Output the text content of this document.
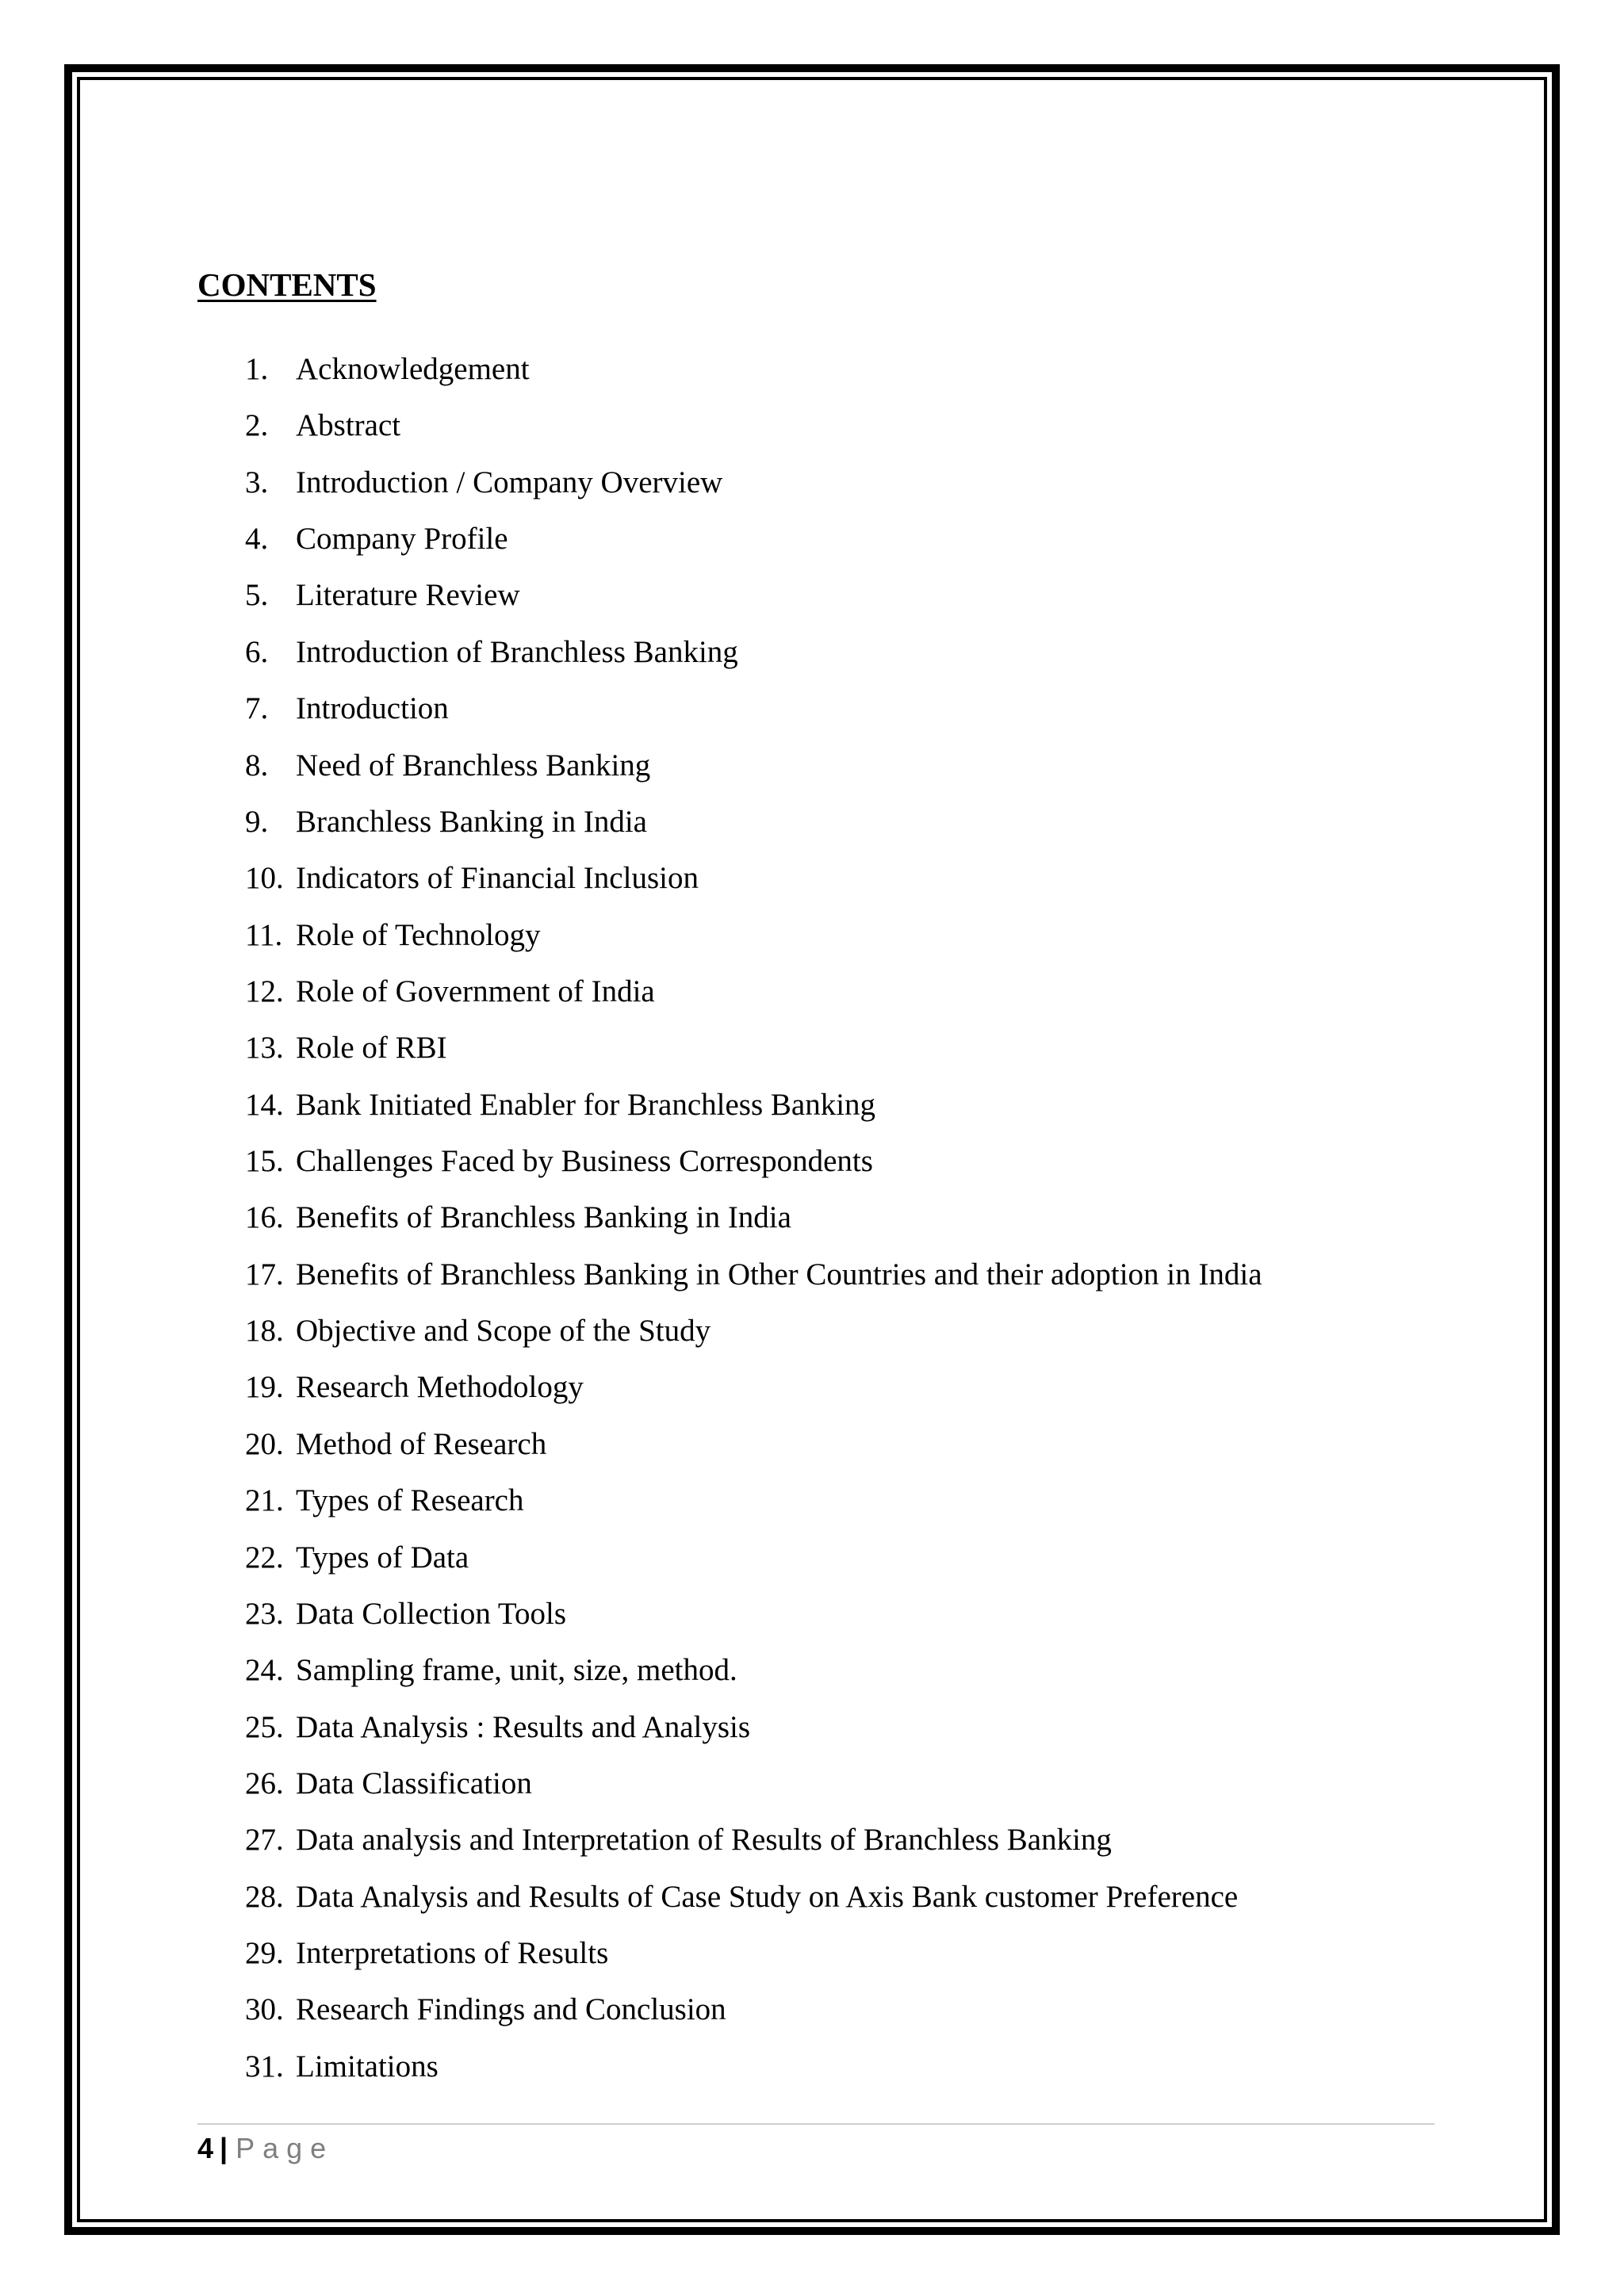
CONTENTS
1. Acknowledgement
2. Abstract
3. Introduction / Company Overview
4. Company Profile
5. Literature Review
6. Introduction of Branchless Banking
7. Introduction
8. Need of Branchless Banking
9. Branchless Banking in India
10. Indicators of Financial Inclusion
11. Role of Technology
12. Role of Government of India
13. Role of RBI
14. Bank Initiated Enabler for Branchless Banking
15. Challenges Faced by Business Correspondents
16. Benefits of Branchless Banking in India
17. Benefits of Branchless Banking in Other Countries and their adoption in India
18. Objective and Scope of the Study
19. Research Methodology
20. Method of Research
21. Types of Research
22. Types of Data
23. Data Collection Tools
24. Sampling frame, unit, size, method.
25. Data Analysis : Results and Analysis
26. Data Classification
27. Data analysis and Interpretation of Results of Branchless Banking
28. Data Analysis and Results of Case Study on Axis Bank customer Preference
29. Interpretations of Results
30. Research Findings and Conclusion
31. Limitations
4 | Page
